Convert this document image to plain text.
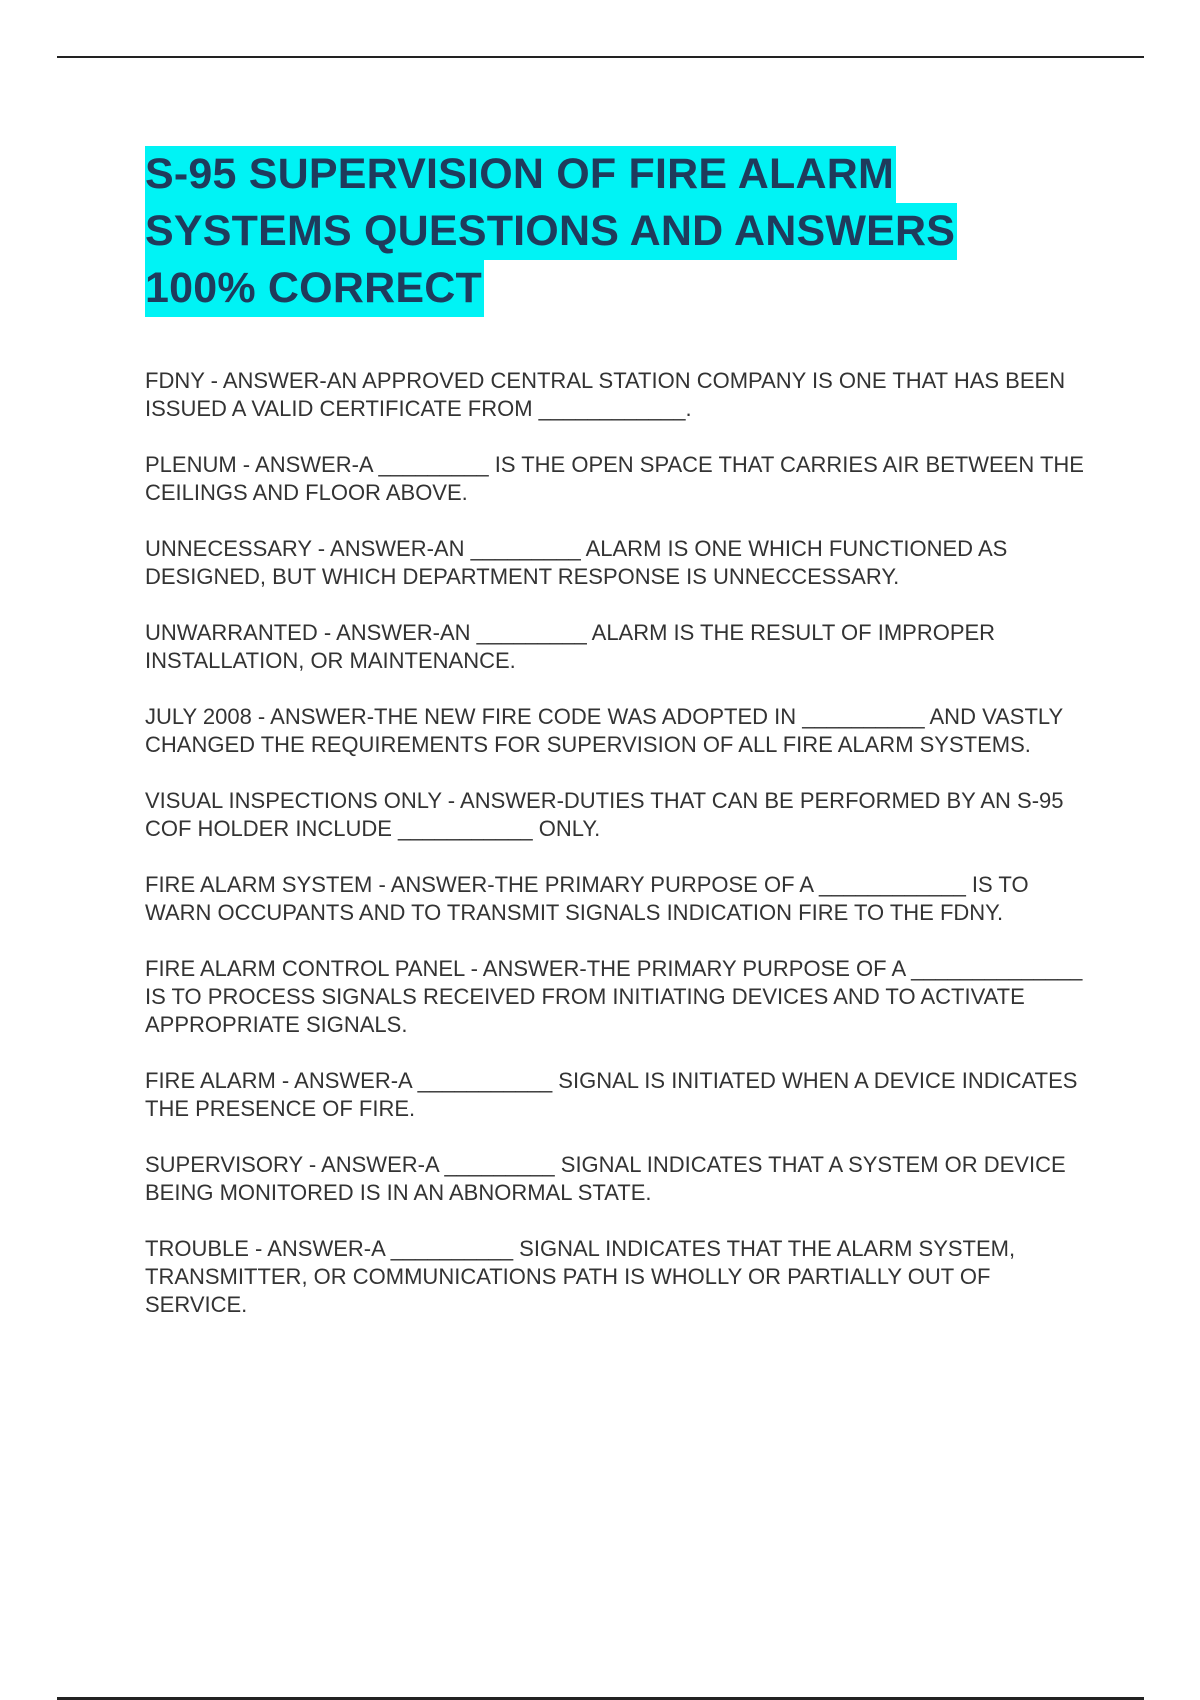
S-95 SUPERVISION OF FIRE ALARM
SYSTEMS QUESTIONS AND ANSWERS
100% CORRECT

FDNY - ANSWER-AN APPROVED CENTRAL STATION COMPANY IS ONE THAT HAS BEEN ISSUED A VALID CERTIFICATE FROM ____________.

PLENUM - ANSWER-A _________ IS THE OPEN SPACE THAT CARRIES AIR BETWEEN THE CEILINGS AND FLOOR ABOVE.

UNNECESSARY - ANSWER-AN _________ ALARM IS ONE WHICH FUNCTIONED AS DESIGNED, BUT WHICH DEPARTMENT RESPONSE IS UNNECCESSARY.

UNWARRANTED - ANSWER-AN _________ ALARM IS THE RESULT OF IMPROPER INSTALLATION, OR MAINTENANCE.

JULY 2008 - ANSWER-THE NEW FIRE CODE WAS ADOPTED IN __________ AND VASTLY CHANGED THE REQUIREMENTS FOR SUPERVISION OF ALL FIRE ALARM SYSTEMS.

VISUAL INSPECTIONS ONLY - ANSWER-DUTIES THAT CAN BE PERFORMED BY AN S-95 COF HOLDER INCLUDE ___________ ONLY.

FIRE ALARM SYSTEM - ANSWER-THE PRIMARY PURPOSE OF A ____________ IS TO WARN OCCUPANTS AND TO TRANSMIT SIGNALS INDICATION FIRE TO THE FDNY.

FIRE ALARM CONTROL PANEL - ANSWER-THE PRIMARY PURPOSE OF A ______________ IS TO PROCESS SIGNALS RECEIVED FROM INITIATING DEVICES AND TO ACTIVATE APPROPRIATE SIGNALS.

FIRE ALARM - ANSWER-A ___________ SIGNAL IS INITIATED WHEN A DEVICE INDICATES THE PRESENCE OF FIRE.

SUPERVISORY - ANSWER-A _________ SIGNAL INDICATES THAT A SYSTEM OR DEVICE BEING MONITORED IS IN AN ABNORMAL STATE.

TROUBLE - ANSWER-A __________ SIGNAL INDICATES THAT THE ALARM SYSTEM, TRANSMITTER, OR COMMUNICATIONS PATH IS WHOLLY OR PARTIALLY OUT OF SERVICE.
